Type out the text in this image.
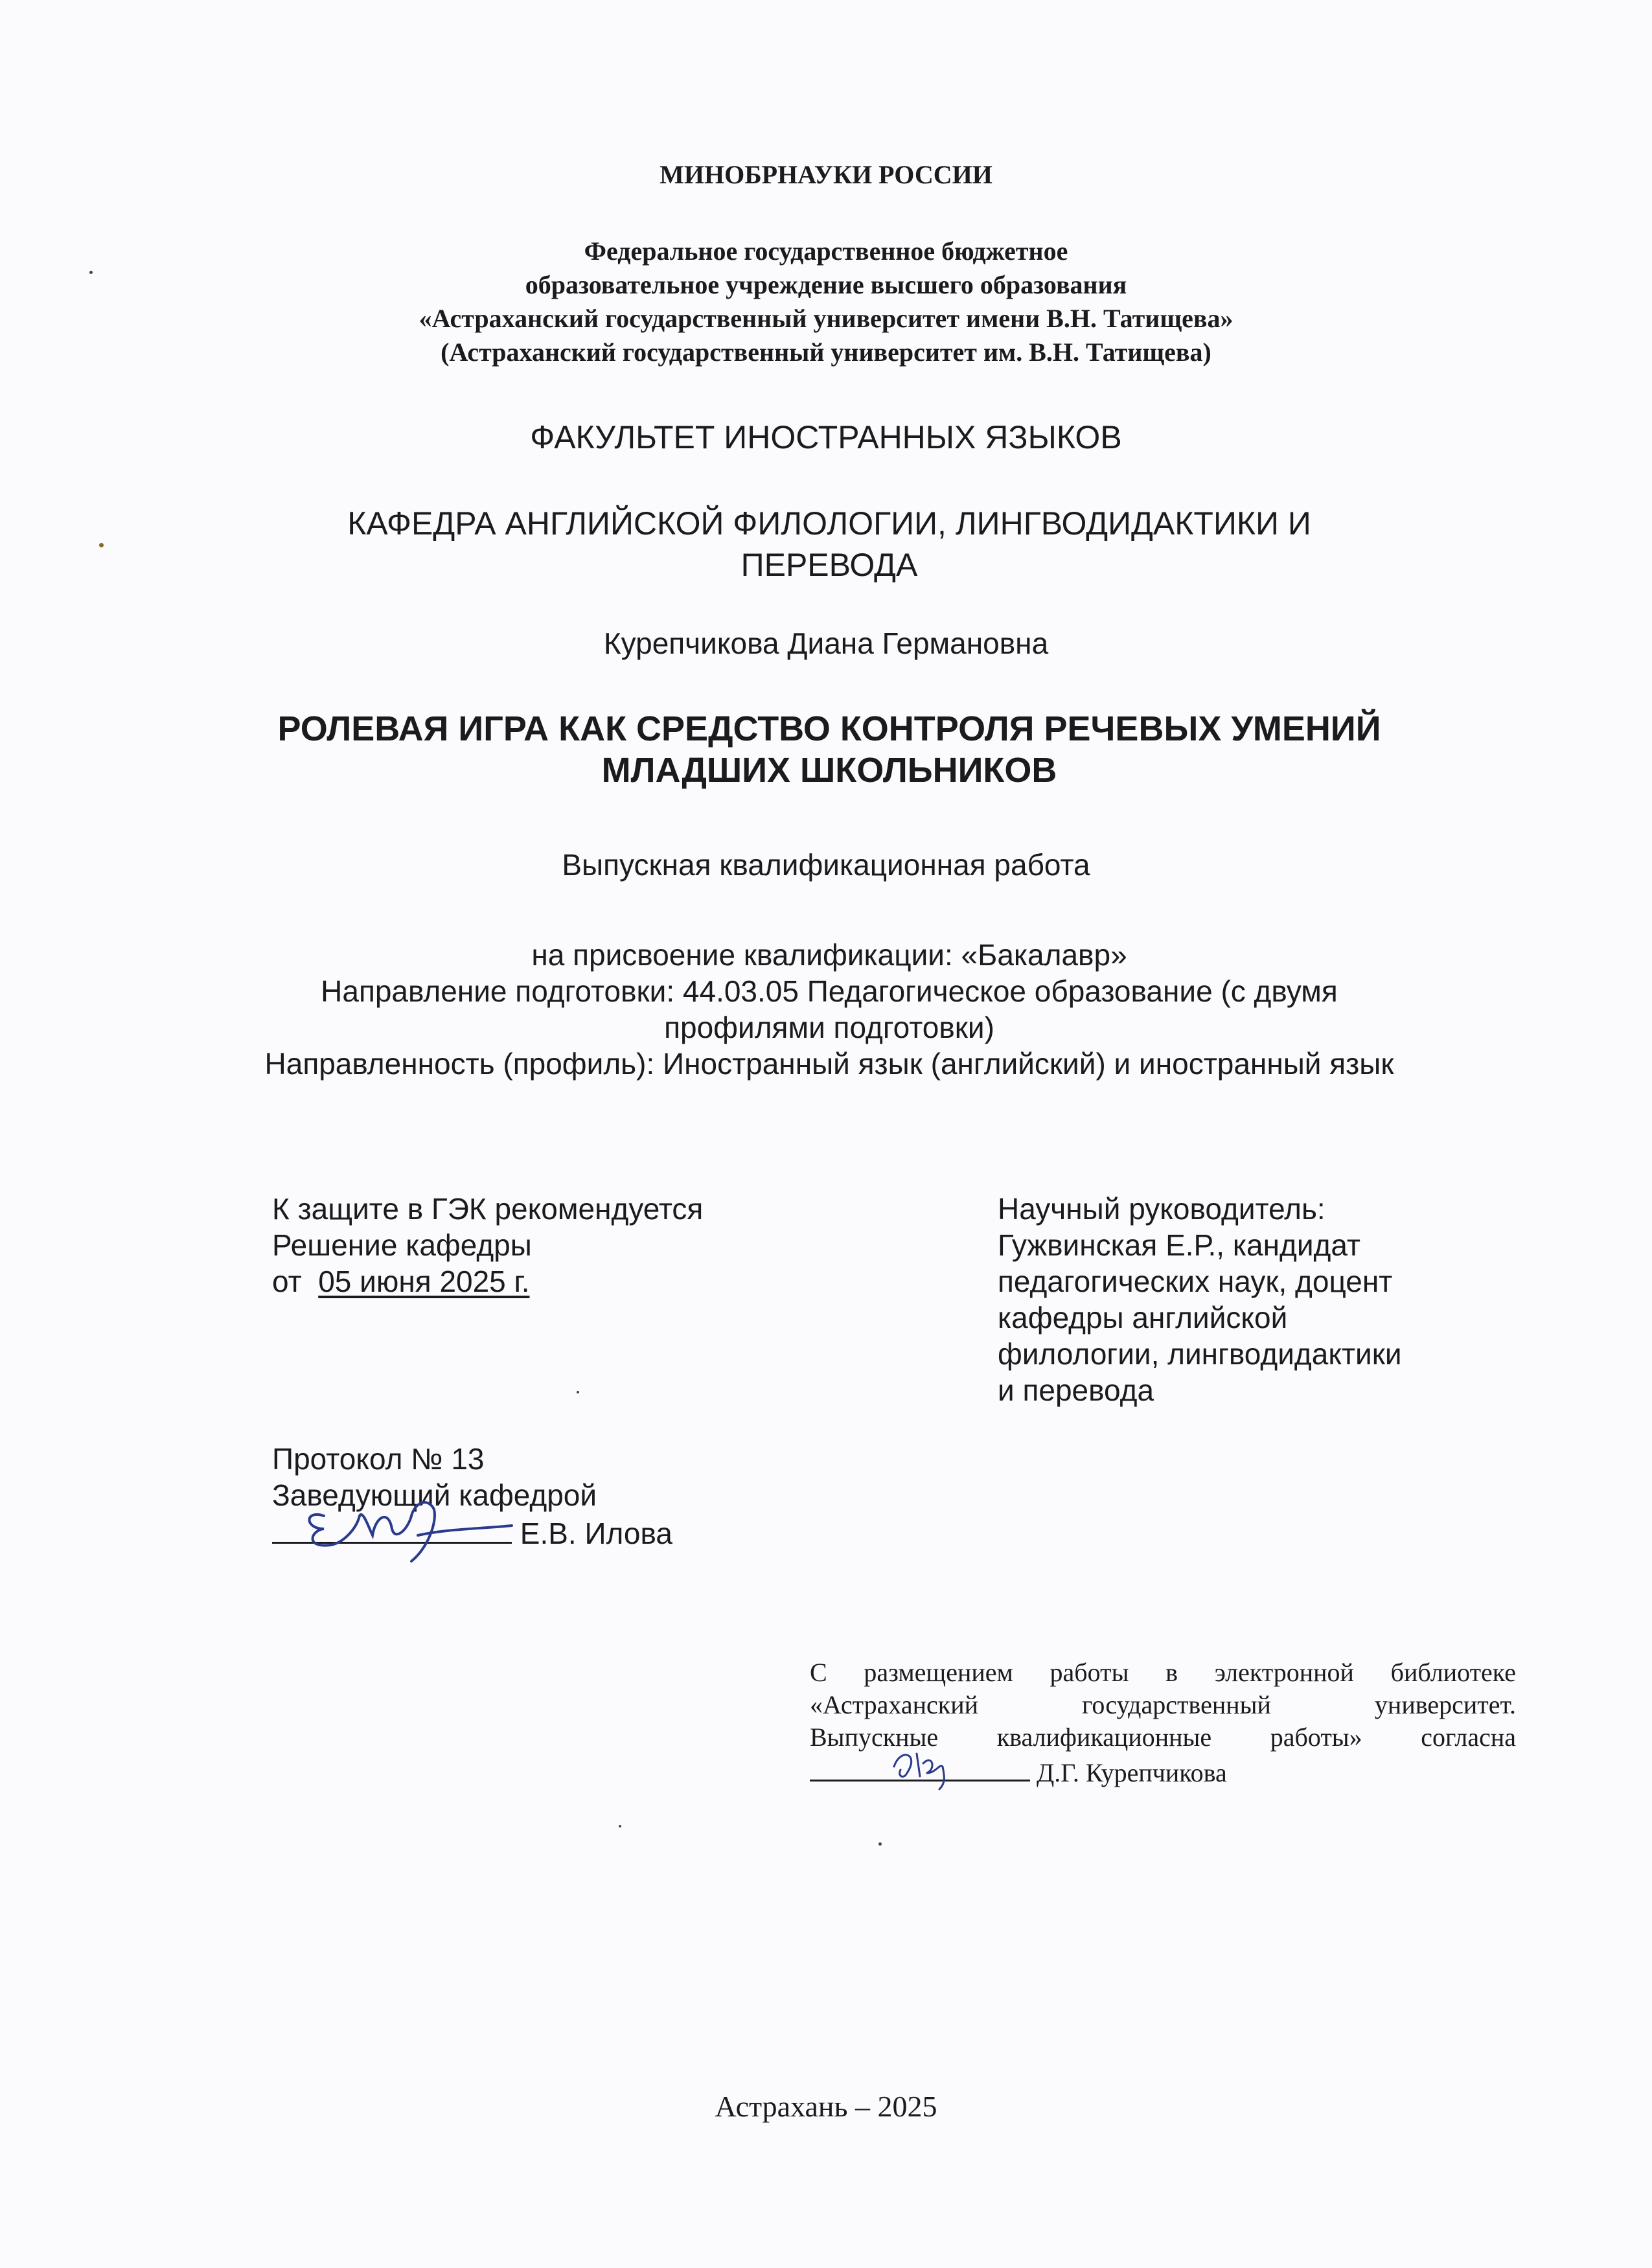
МИНОБРНАУКИ РОССИИ
Федеральное государственное бюджетное
образовательное учреждение высшего образования
«Астраханский государственный университет имени В.Н. Татищева»
(Астраханский государственный университет им. В.Н. Татищева)
ФАКУЛЬТЕТ ИНОСТРАННЫХ ЯЗЫКОВ
КАФЕДРА АНГЛИЙСКОЙ ФИЛОЛОГИИ, ЛИНГВОДИДАКТИКИ И ПЕРЕВОДА
Курепчикова Диана Германовна
РОЛЕВАЯ ИГРА КАК СРЕДСТВО КОНТРОЛЯ РЕЧЕВЫХ УМЕНИЙ МЛАДШИХ ШКОЛЬНИКОВ
Выпускная квалификационная работа
на присвоение квалификации: «Бакалавр»
Направление подготовки: 44.03.05 Педагогическое образование (с двумя профилями подготовки)
Направленность (профиль): Иностранный язык (английский) и иностранный язык
К защите в ГЭК рекомендуется
Решение кафедры
от 05 июня 2025 г.
Научный руководитель:
Гужвинская Е.Р., кандидат
педагогических наук, доцент
кафедры английской
филологии, лингводидактики
и перевода
Протокол № 13
Заведующий кафедрой
Е.В. Илова
С размещением работы в электронной библиотеке
«Астраханский государственный университет.
Выпускные квалификационные работы» согласна
Д.Г. Курепчикова
Астрахань – 2025
